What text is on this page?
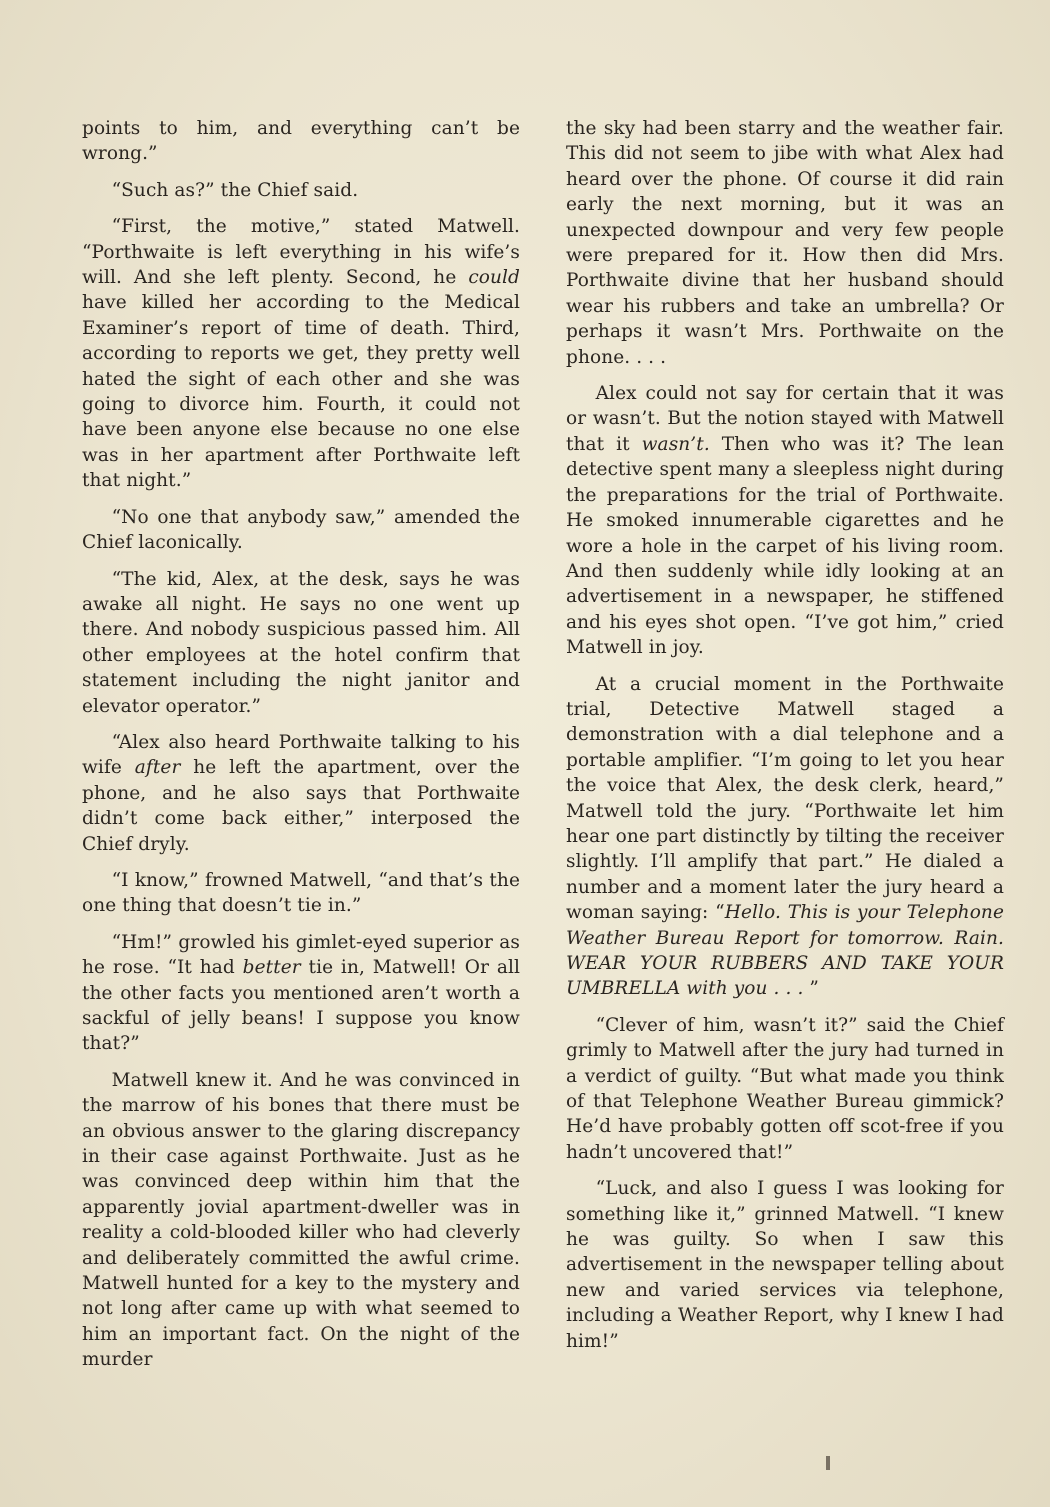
points to him, and everything can’t be wrong.”

“Such as?” the Chief said.

“First, the motive,” stated Matwell. “Porthwaite is left everything in his wife’s will. And she left plenty. Second, he could have killed her according to the Medical Examiner’s report of time of death. Third, according to reports we get, they pretty well hated the sight of each other and she was going to divorce him. Fourth, it could not have been anyone else because no one else was in her apartment after Porthwaite left that night.”

“No one that anybody saw,” amended the Chief laconically.

“The kid, Alex, at the desk, says he was awake all night. He says no one went up there. And nobody suspicious passed him. All other employees at the hotel confirm that statement including the night janitor and elevator operator.”

“Alex also heard Porthwaite talking to his wife after he left the apartment, over the phone, and he also says that Porthwaite didn’t come back either,” interposed the Chief dryly.

“I know,” frowned Matwell, “and that’s the one thing that doesn’t tie in.”

“Hm!” growled his gimlet-eyed superior as he rose. “It had better tie in, Matwell! Or all the other facts you mentioned aren’t worth a sackful of jelly beans! I suppose you know that?”

Matwell knew it. And he was convinced in the marrow of his bones that there must be an obvious answer to the glaring discrepancy in their case against Porthwaite. Just as he was convinced deep within him that the apparently jovial apartment-dweller was in reality a cold-blooded killer who had cleverly and deliberately committed the awful crime. Matwell hunted for a key to the mystery and not long after came up with what seemed to him an important fact. On the night of the murder

the sky had been starry and the weather fair. This did not seem to jibe with what Alex had heard over the phone. Of course it did rain early the next morning, but it was an unexpected downpour and very few people were prepared for it. How then did Mrs. Porthwaite divine that her husband should wear his rubbers and take an umbrella? Or perhaps it wasn’t Mrs. Porthwaite on the phone. . . .

Alex could not say for certain that it was or wasn’t. But the notion stayed with Matwell that it wasn’t. Then who was it? The lean detective spent many a sleepless night during the preparations for the trial of Porthwaite. He smoked innumerable cigarettes and he wore a hole in the carpet of his living room. And then suddenly while idly looking at an advertisement in a newspaper, he stiffened and his eyes shot open. “I’ve got him,” cried Matwell in joy.

At a crucial moment in the Porthwaite trial, Detective Matwell staged a demonstration with a dial telephone and a portable amplifier. “I’m going to let you hear the voice that Alex, the desk clerk, heard,” Matwell told the jury. “Porthwaite let him hear one part distinctly by tilting the receiver slightly. I’ll amplify that part.” He dialed a number and a moment later the jury heard a woman saying: “Hello. This is your Telephone Weather Bureau Report for tomorrow. Rain. WEAR YOUR RUBBERS AND TAKE YOUR UMBRELLA with you . . . ”

“Clever of him, wasn’t it?” said the Chief grimly to Matwell after the jury had turned in a verdict of guilty. “But what made you think of that Telephone Weather Bureau gimmick? He’d have probably gotten off scot-free if you hadn’t uncovered that!”

“Luck, and also I guess I was looking for something like it,” grinned Matwell. “I knew he was guilty. So when I saw this advertisement in the newspaper telling about new and varied services via telephone, including a Weather Report, why I knew I had him!”
